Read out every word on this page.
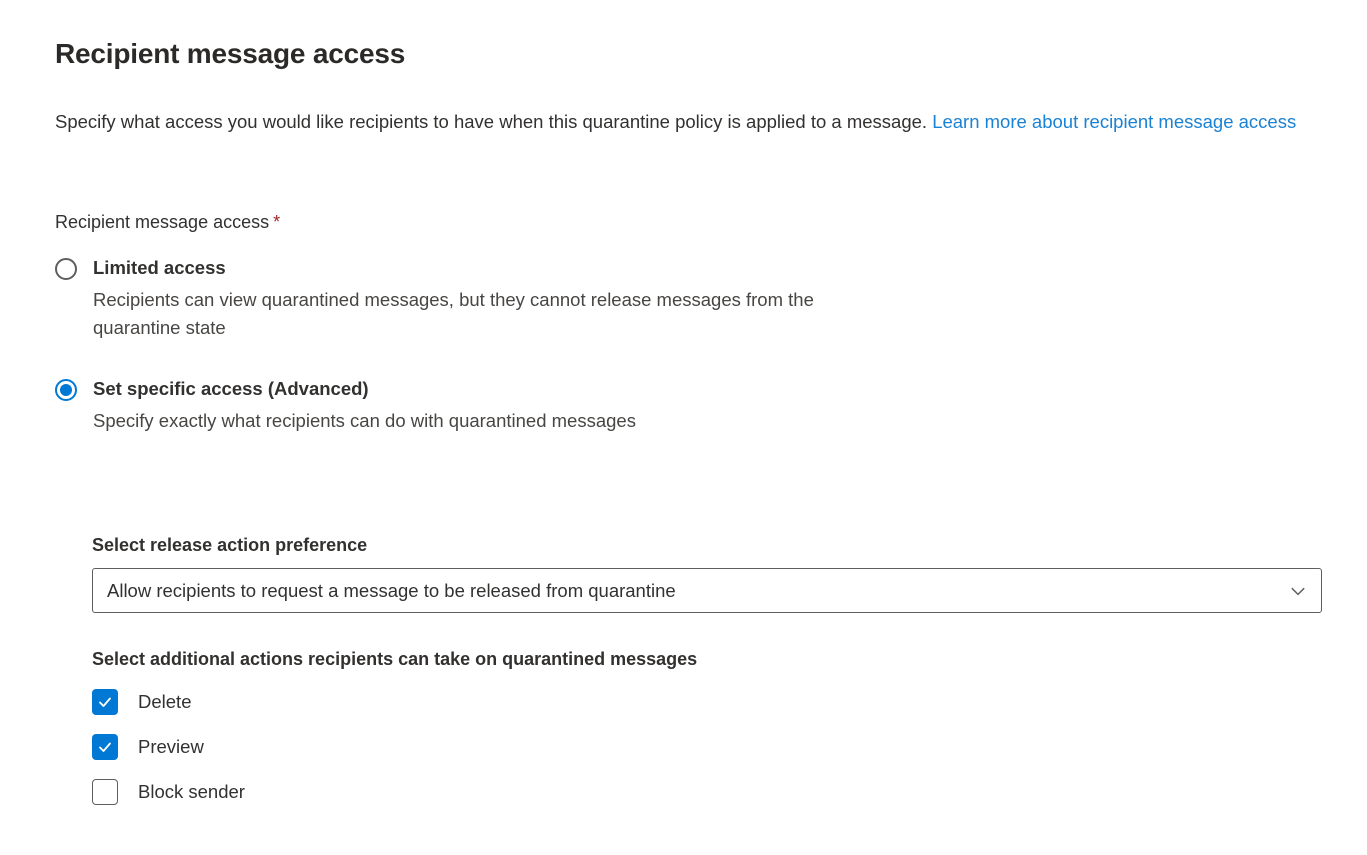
Recipient message access

Specify what access you would like recipients to have when this quarantine policy is applied to a message. Learn more about recipient message access

Recipient message access *
Limited access
Recipients can view quarantined messages, but they cannot release messages from the quarantine state
Set specific access (Advanced)
Specify exactly what recipients can do with quarantined messages
Select release action preference
Allow recipients to request a message to be released from quarantine
Select additional actions recipients can take on quarantined messages
Delete
Preview
Block sender
